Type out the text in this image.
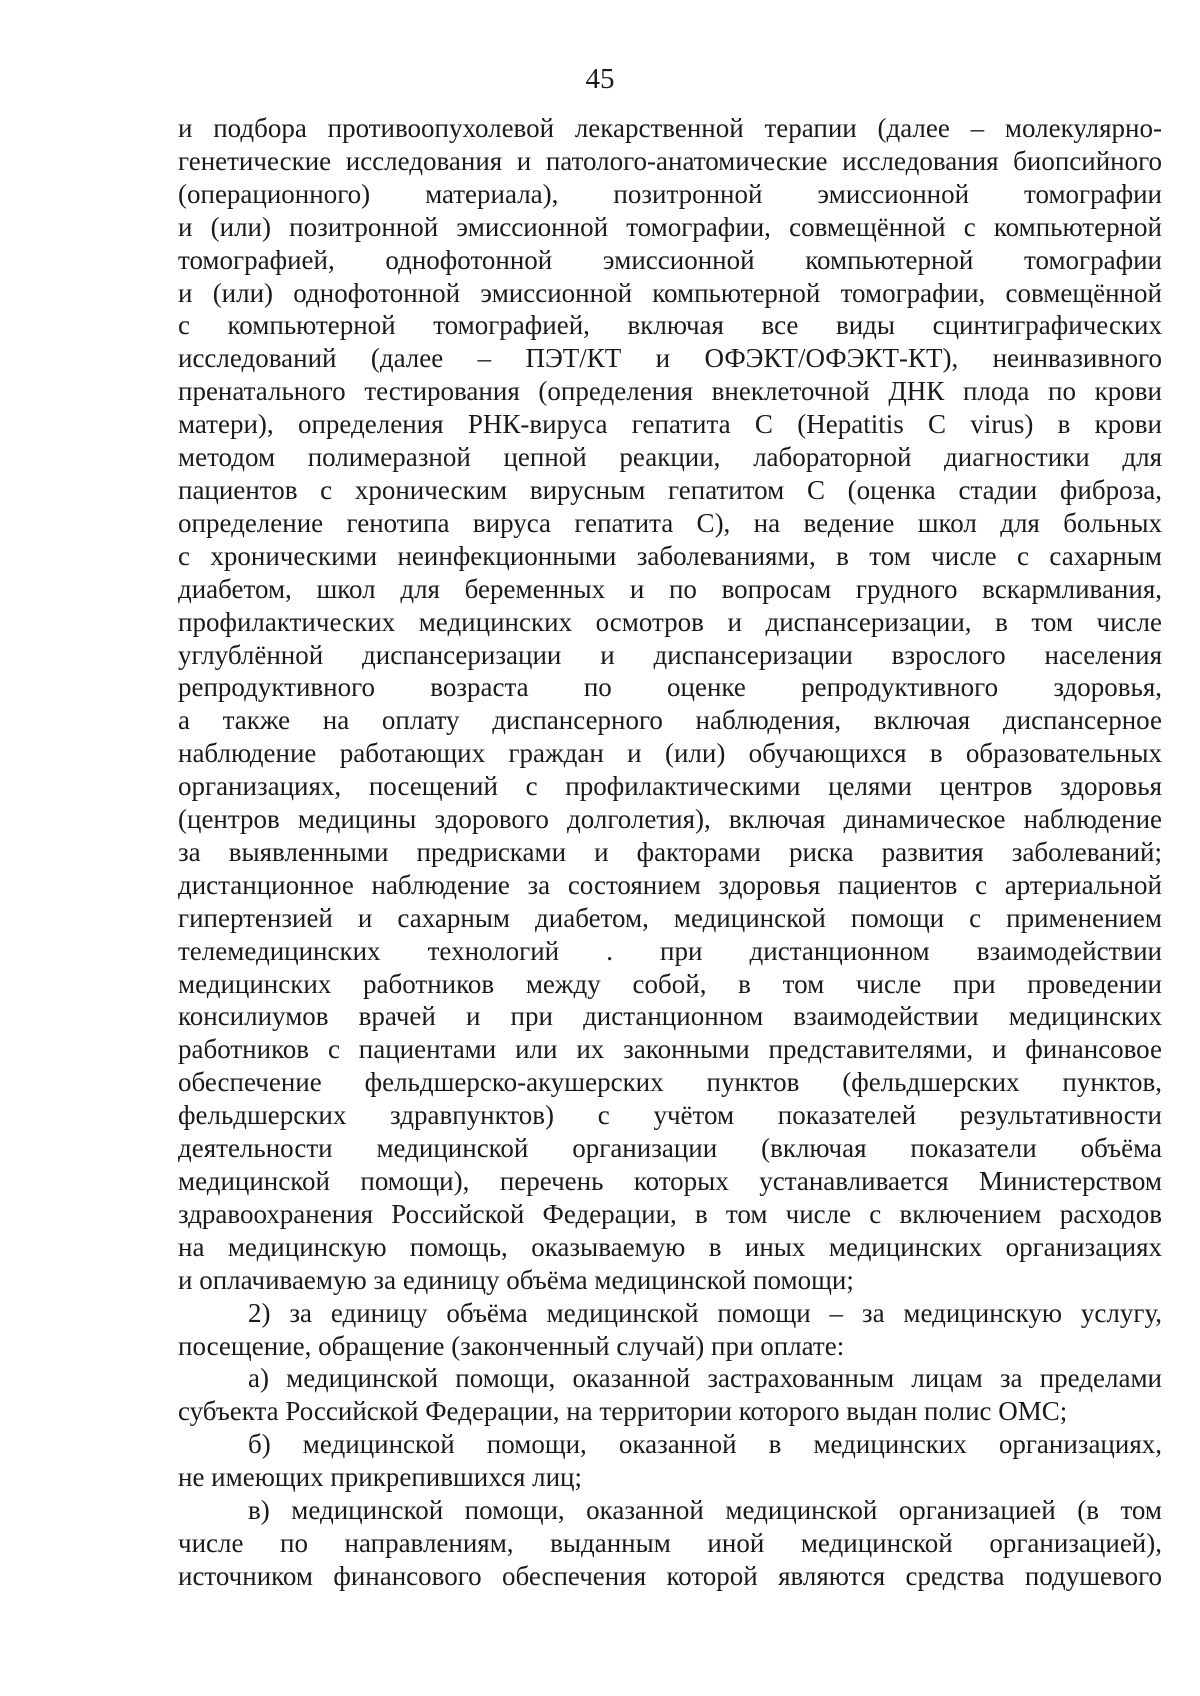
45
и подбора противоопухолевой лекарственной терапии (далее – молекулярно-
генетические исследования и патолого-анатомические исследования биопсийного
(операционного) материала), позитронной эмиссионной томографии
и (или) позитронной эмиссионной томографии, совмещённой с компьютерной
томографией, однофотонной эмиссионной компьютерной томографии
и (или) однофотонной эмиссионной компьютерной томографии, совмещённой
с компьютерной томографией, включая все виды сцинтиграфических
исследований (далее – ПЭТ/КТ и ОФЭКТ/ОФЭКТ-КТ), неинвазивного
пренатального тестирования (определения внеклеточной ДНК плода по крови
матери), определения РНК-вируса гепатита С (Hepatitis C virus) в крови
методом полимеразной цепной реакции, лабораторной диагностики для
пациентов с хроническим вирусным гепатитом С (оценка стадии фиброза,
определение генотипа вируса гепатита С), на ведение школ для больных
с хроническими неинфекционными заболеваниями, в том числе с сахарным
диабетом, школ для беременных и по вопросам грудного вскармливания,
профилактических медицинских осмотров и диспансеризации, в том числе
углублённой диспансеризации и диспансеризации взрослого населения
репродуктивного возраста по оценке репродуктивного здоровья,
а также на оплату диспансерного наблюдения, включая диспансерное
наблюдение работающих граждан и (или) обучающихся в образовательных
организациях, посещений с профилактическими целями центров здоровья
(центров медицины здорового долголетия), включая динамическое наблюдение
за выявленными предрисками и факторами риска развития заболеваний;
дистанционное наблюдение за состоянием здоровья пациентов с артериальной
гипертензией и сахарным диабетом, медицинской помощи с применением
телемедицинских технологий . при дистанционном взаимодействии
медицинских работников между собой, в том числе при проведении
консилиумов врачей и при дистанционном взаимодействии медицинских
работников с пациентами или их законными представителями, и финансовое
обеспечение фельдшерско-акушерских пунктов (фельдшерских пунктов,
фельдшерских здравпунктов) с учётом показателей результативности
деятельности медицинской организации (включая показатели объёма
медицинской помощи), перечень которых устанавливается Министерством
здравоохранения Российской Федерации, в том числе с включением расходов
на медицинскую помощь, оказываемую в иных медицинских организациях
и оплачиваемую за единицу объёма медицинской помощи;
2) за единицу объёма медицинской помощи – за медицинскую услугу,
посещение, обращение (законченный случай) при оплате:
а) медицинской помощи, оказанной застрахованным лицам за пределами
субъекта Российской Федерации, на территории которого выдан полис ОМС;
б) медицинской помощи, оказанной в медицинских организациях,
не имеющих прикрепившихся лиц;
в) медицинской помощи, оказанной медицинской организацией (в том
числе по направлениям, выданным иной медицинской организацией),
источником финансового обеспечения которой являются средства подушевого
